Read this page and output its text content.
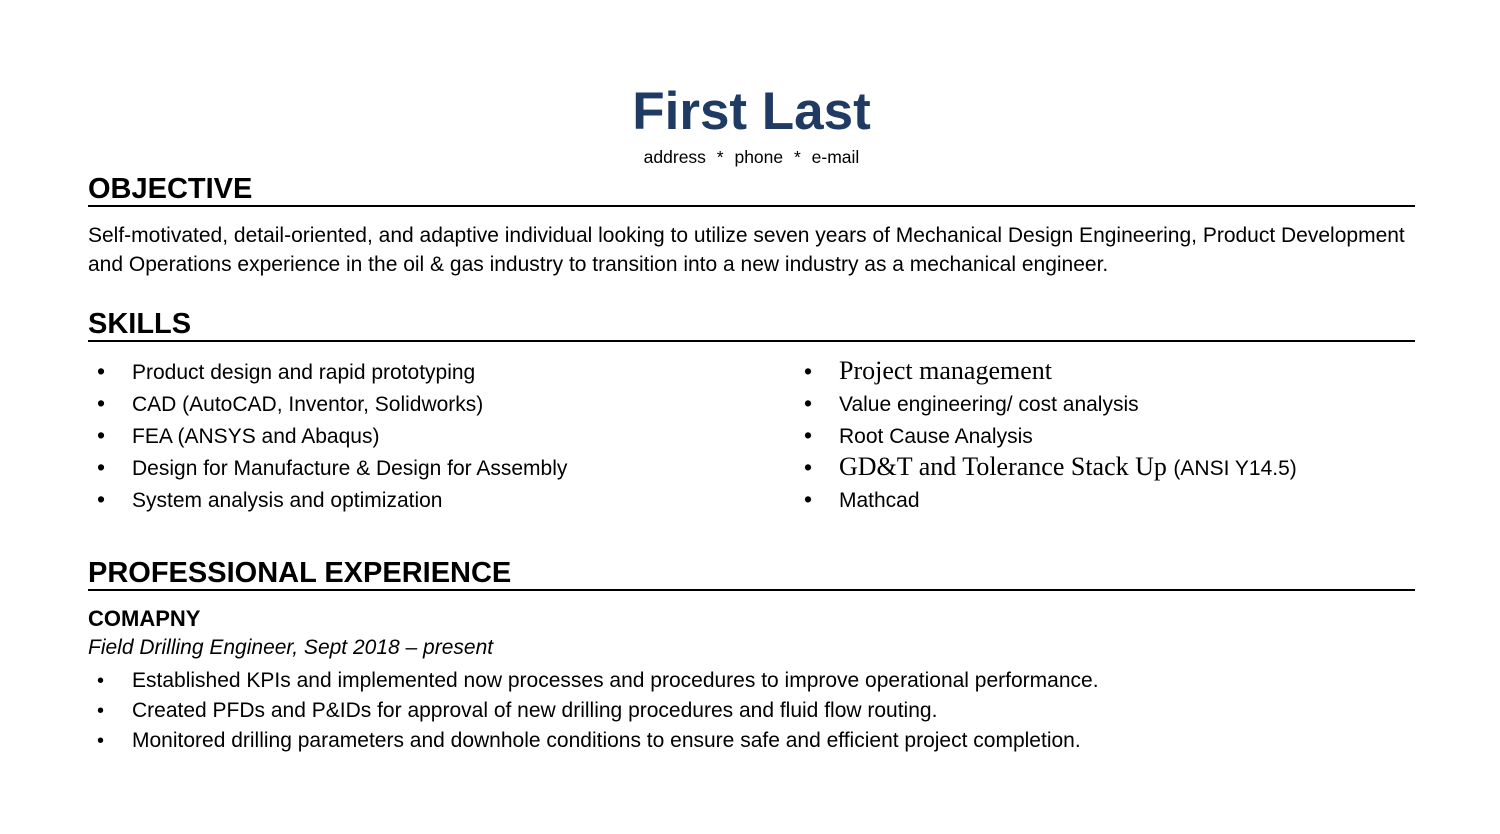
First Last
address * phone * e-mail
OBJECTIVE

Self-motivated, detail-oriented, and adaptive individual looking to utilize seven years of Mechanical Design Engineering, Product Development and Operations experience in the oil & gas industry to transition into a new industry as a mechanical engineer.

SKILLS
•	Product design and rapid prototyping
•	CAD (AutoCAD, Inventor, Solidworks)
•	FEA (ANSYS and Abaqus)
•	Design for Manufacture & Design for Assembly
•	System analysis and optimization
•	Project management
•	Value engineering/ cost analysis
•	Root Cause Analysis
•	GD&T and Tolerance Stack Up (ANSI Y14.5)
•	Mathcad
PROFESSIONAL EXPERIENCE
COMAPNY
Field Drilling Engineer, Sept 2018 – present
•	Established KPIs and implemented now processes and procedures to improve operational performance.
•	Created PFDs and P&IDs for approval of new drilling procedures and fluid flow routing.
•	Monitored drilling parameters and downhole conditions to ensure safe and efficient project completion.
